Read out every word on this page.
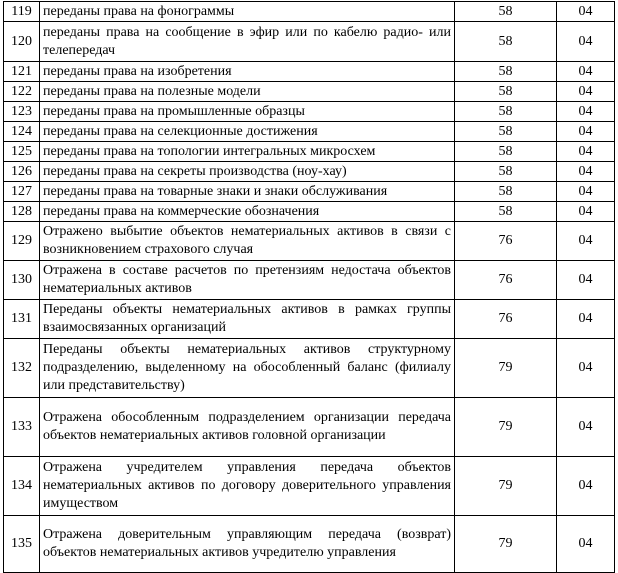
119	переданы права на фонограммы	58	04
120	переданы права на сообщение в эфир или по кабелю радио- или телепередач	58	04
121	переданы права на изобретения	58	04
122	переданы права на полезные модели	58	04
123	переданы права на промышленные образцы	58	04
124	переданы права на селекционные достижения	58	04
125	переданы права на топологии интегральных микросхем	58	04
126	переданы права на секреты производства (ноу-хау)	58	04
127	переданы права на товарные знаки и знаки обслуживания	58	04
128	переданы права на коммерческие обозначения	58	04
129	Отражено выбытие объектов нематериальных активов в связи с возникновением страхового случая	76	04
130	Отражена в составе расчетов по претензиям недостача объектов нематериальных активов	76	04
131	Переданы объекты нематериальных активов в рамках группы взаимосвязанных организаций	76	04
132	Переданы объекты нематериальных активов структурному подразделению, выделенному на обособленный баланс (филиалу или представительству)	79	04
133	Отражена обособленным подразделением организации передача объектов нематериальных активов головной организации	79	04
134	Отражена учредителем управления передача объектов нематериальных активов по договору доверительного управления имуществом	79	04
135	Отражена доверительным управляющим передача (возврат) объектов нематериальных активов учредителю управления	79	04
